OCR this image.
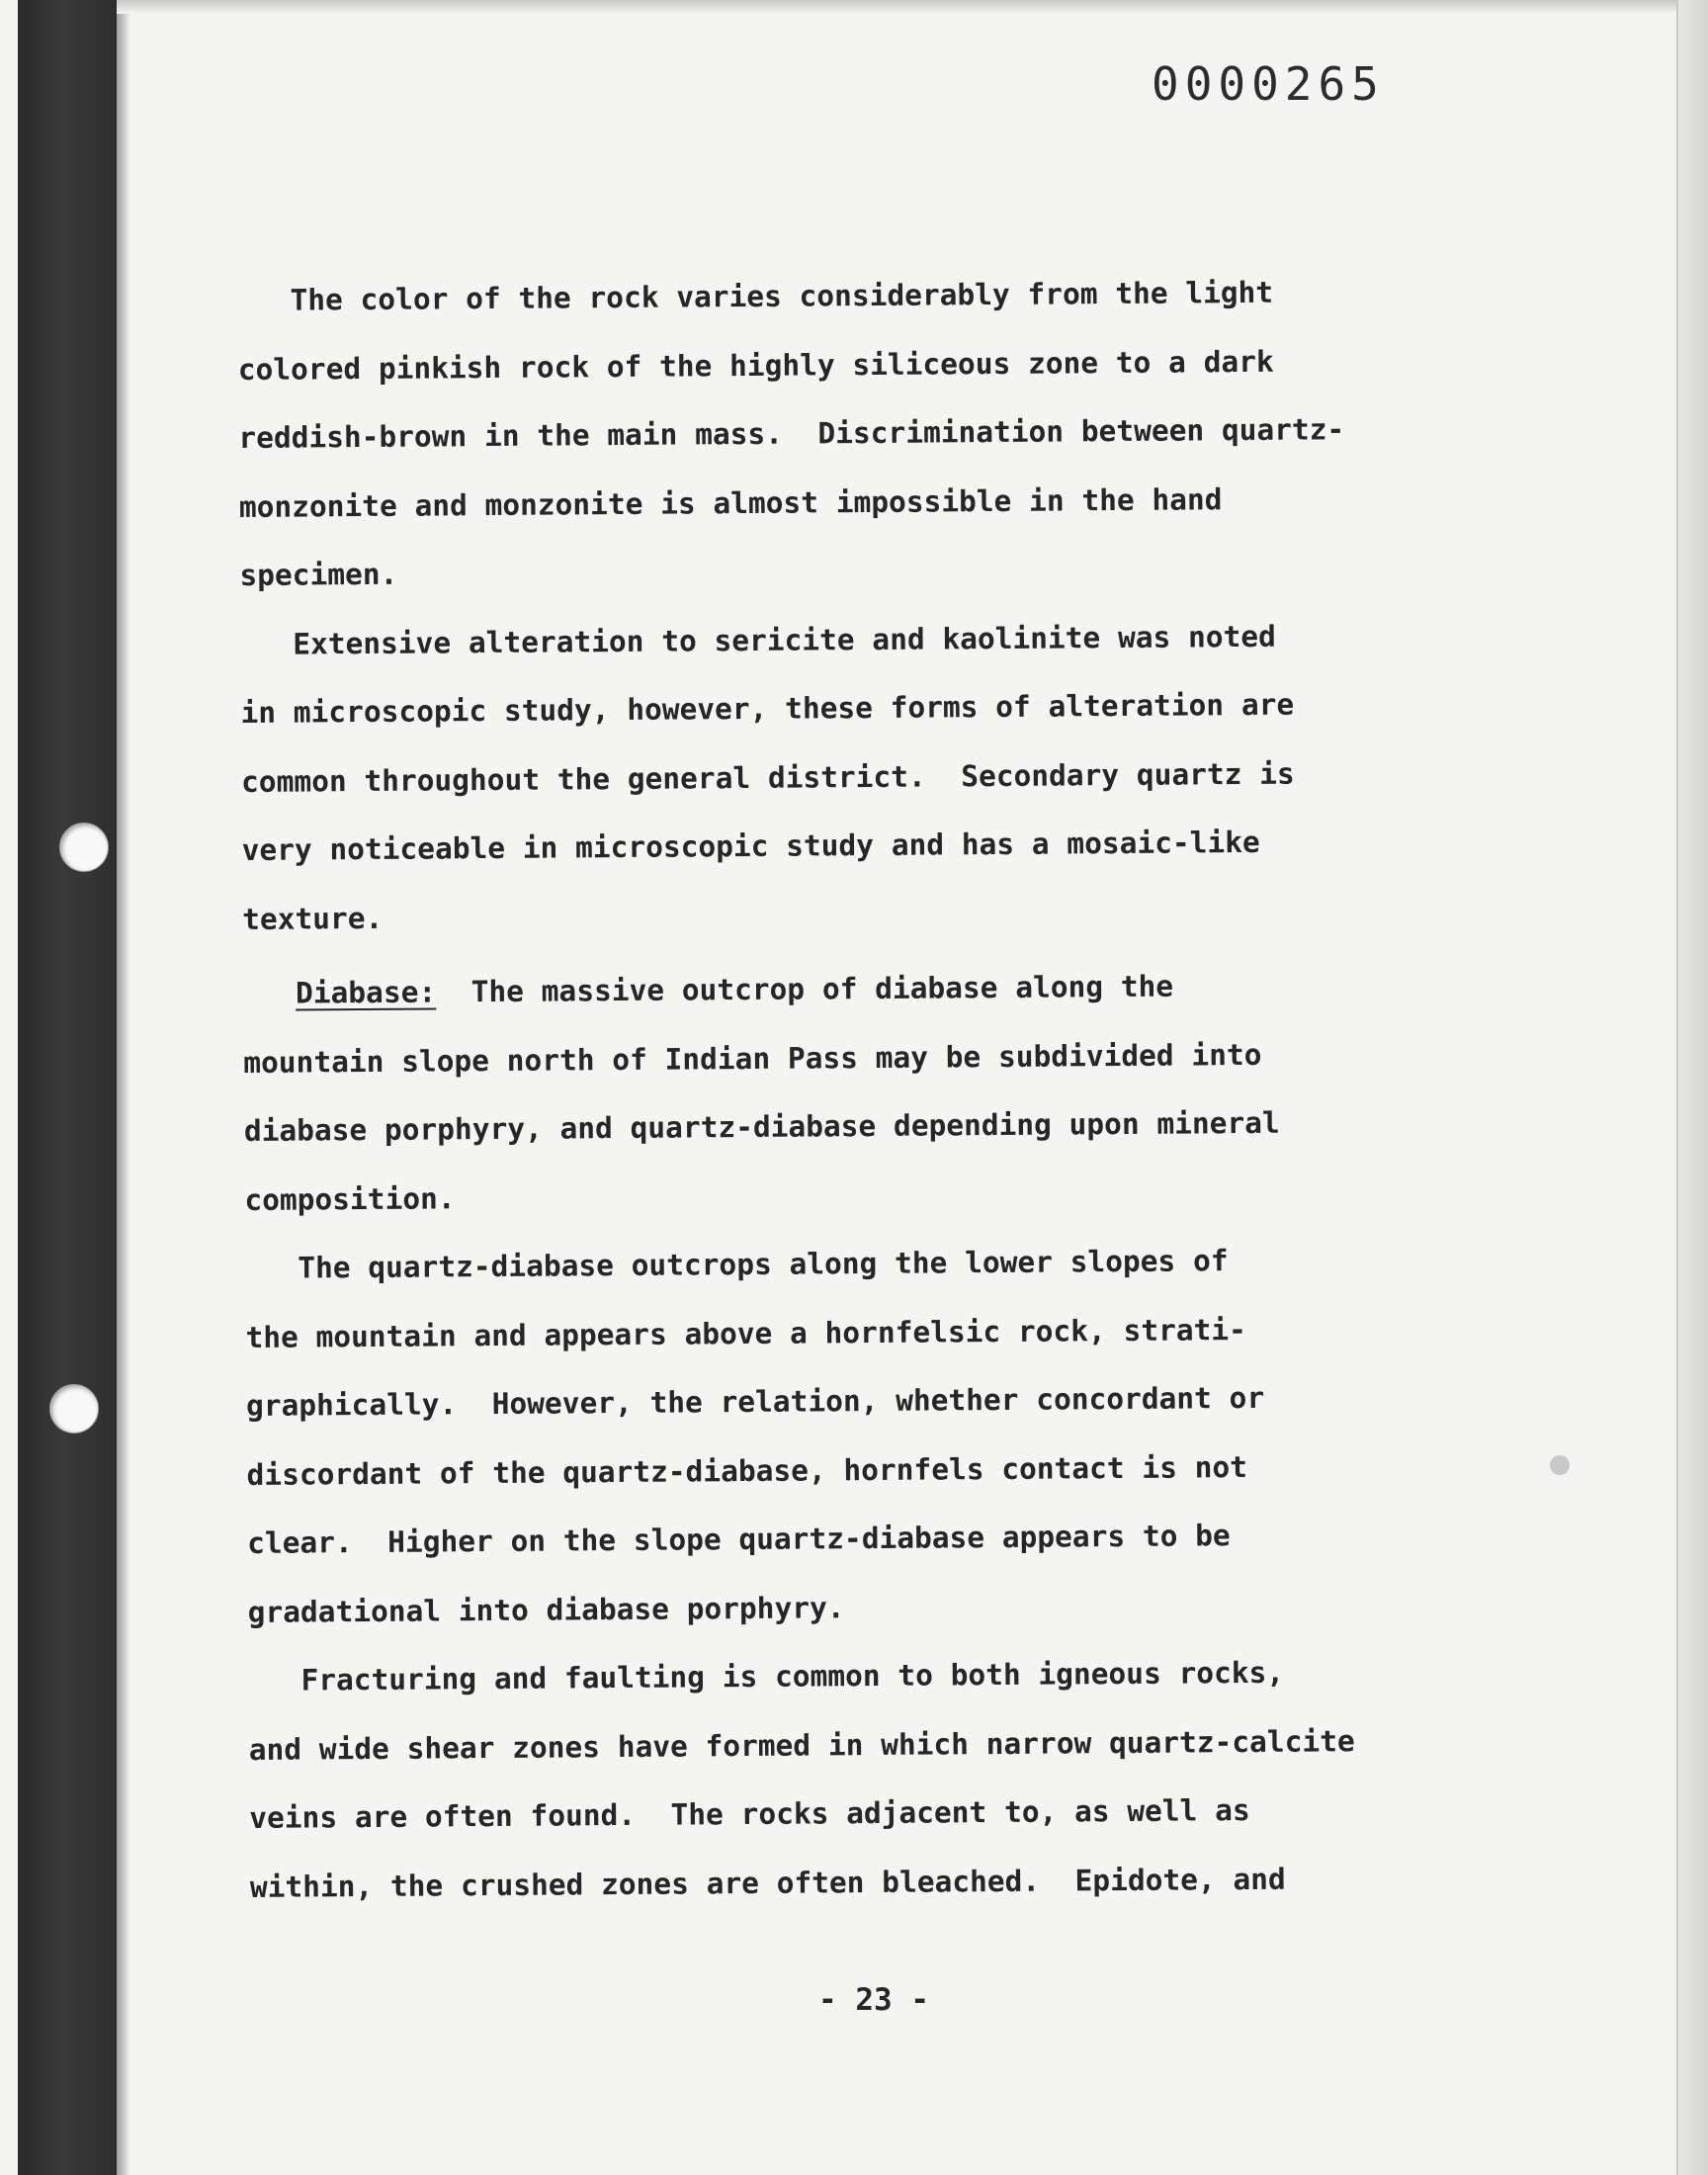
0000265
The color of the rock varies considerably from the light
colored pinkish rock of the highly siliceous zone to a dark
reddish-brown in the main mass.  Discrimination between quartz-
monzonite and monzonite is almost impossible in the hand
specimen.
Extensive alteration to sericite and kaolinite was noted
in microscopic study, however, these forms of alteration are
common throughout the general district.  Secondary quartz is
very noticeable in microscopic study and has a mosaic-like
texture.
Diabase:  The massive outcrop of diabase along the
mountain slope north of Indian Pass may be subdivided into
diabase porphyry, and quartz-diabase depending upon mineral
composition.
The quartz-diabase outcrops along the lower slopes of
the mountain and appears above a hornfelsic rock, strati-
graphically.  However, the relation, whether concordant or
discordant of the quartz-diabase, hornfels contact is not
clear.  Higher on the slope quartz-diabase appears to be
gradational into diabase porphyry.
Fracturing and faulting is common to both igneous rocks,
and wide shear zones have formed in which narrow quartz-calcite
veins are often found.  The rocks adjacent to, as well as
within, the crushed zones are often bleached.  Epidote, and
- 23 -
